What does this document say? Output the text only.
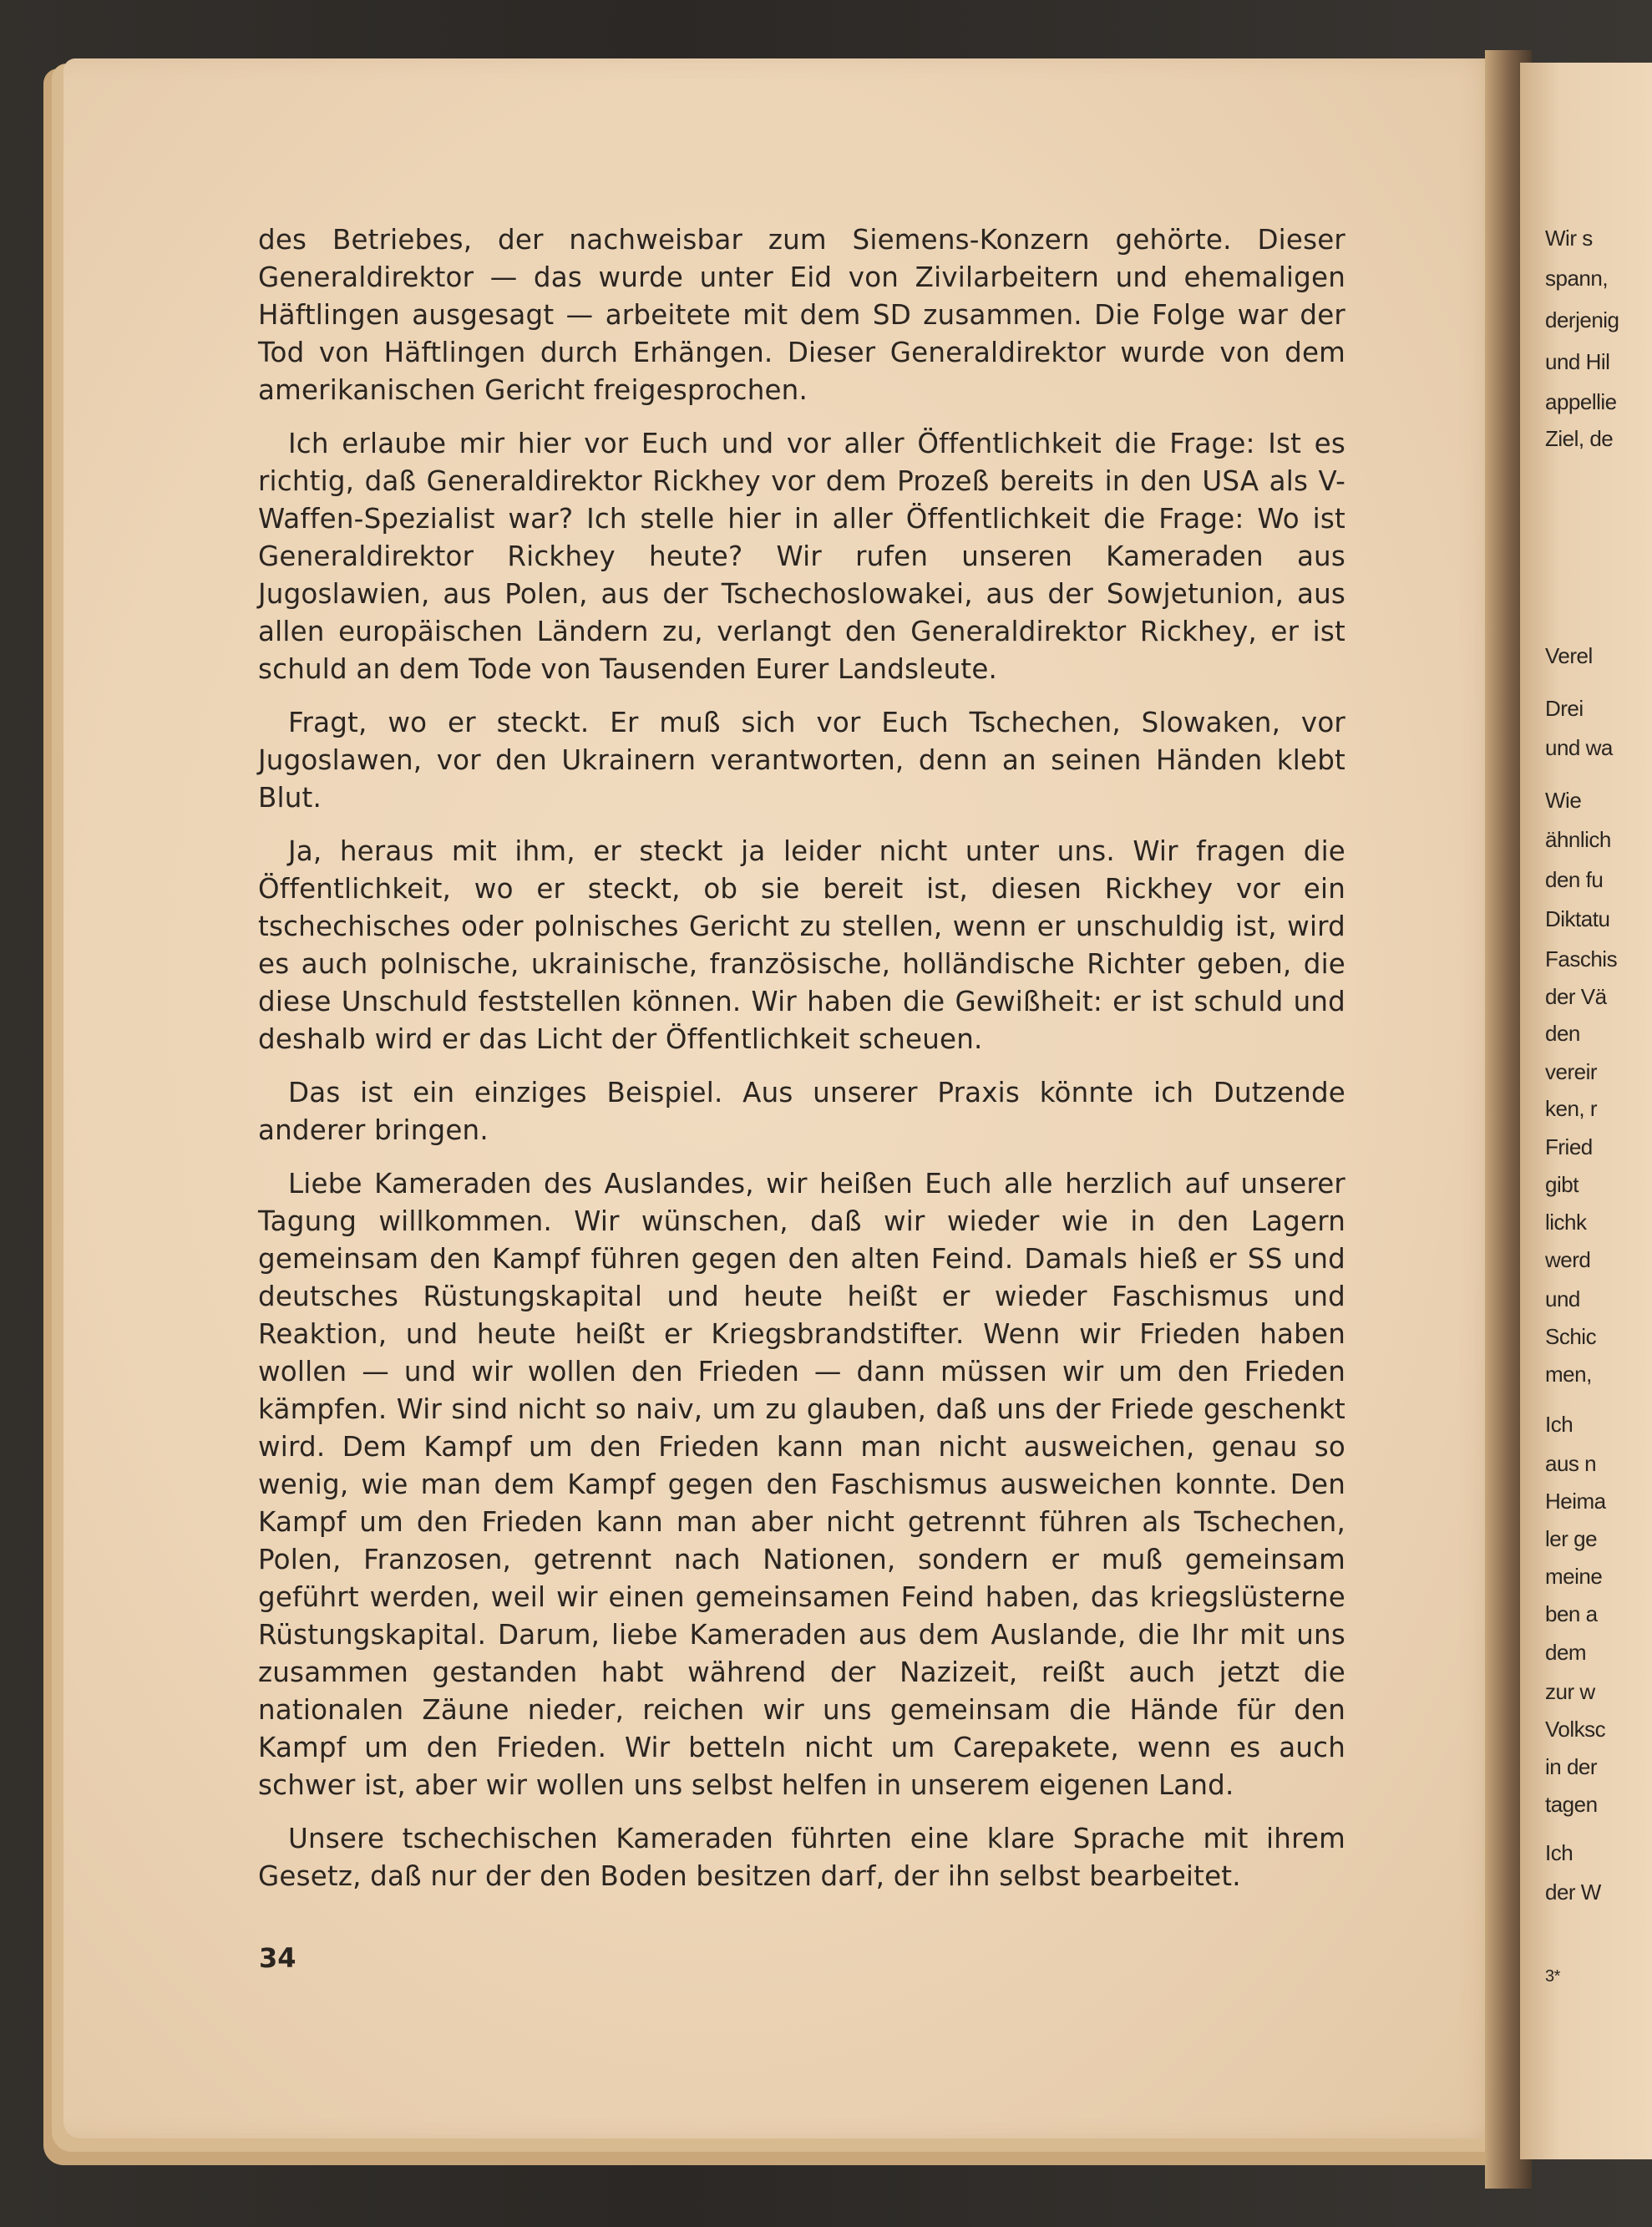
des Betriebes, der nachweisbar zum Siemens-Konzern gehörte. Dieser Generaldirektor — das wurde unter Eid von Zivilarbeitern und ehemaligen Häftlingen ausgesagt — arbeitete mit dem SD zusammen. Die Folge war der Tod von Häftlingen durch Erhängen. Dieser Generaldirektor wurde von dem amerikanischen Gericht freigesprochen.

Ich erlaube mir hier vor Euch und vor aller Öffentlichkeit die Frage: Ist es richtig, daß Generaldirektor Rickhey vor dem Prozeß bereits in den USA als V-Waffen-Spezialist war? Ich stelle hier in aller Öffentlichkeit die Frage: Wo ist Generaldirektor Rickhey heute? Wir rufen unseren Kameraden aus Jugoslawien, aus Polen, aus der Tschechoslowakei, aus der Sowjetunion, aus allen europäischen Ländern zu, verlangt den Generaldirektor Rickhey, er ist schuld an dem Tode von Tausenden Eurer Landsleute.

Fragt, wo er steckt. Er muß sich vor Euch Tschechen, Slowaken, vor Jugoslawen, vor den Ukrainern verantworten, denn an seinen Händen klebt Blut.

Ja, heraus mit ihm, er steckt ja leider nicht unter uns. Wir fragen die Öffentlichkeit, wo er steckt, ob sie bereit ist, diesen Rickhey vor ein tschechisches oder polnisches Gericht zu stellen, wenn er unschuldig ist, wird es auch polnische, ukrainische, französische, holländische Richter geben, die diese Unschuld feststellen können. Wir haben die Gewißheit: er ist schuld und deshalb wird er das Licht der Öffentlichkeit scheuen.

Das ist ein einziges Beispiel. Aus unserer Praxis könnte ich Dutzende anderer bringen.

Liebe Kameraden des Auslandes, wir heißen Euch alle herzlich auf unserer Tagung willkommen. Wir wünschen, daß wir wieder wie in den Lagern gemeinsam den Kampf führen gegen den alten Feind. Damals hieß er SS und deutsches Rüstungskapital und heute heißt er wieder Faschismus und Reaktion, und heute heißt er Kriegsbrandstifter. Wenn wir Frieden haben wollen — und wir wollen den Frieden — dann müssen wir um den Frieden kämpfen. Wir sind nicht so naiv, um zu glauben, daß uns der Friede geschenkt wird. Dem Kampf um den Frieden kann man nicht ausweichen, genau so wenig, wie man dem Kampf gegen den Faschismus ausweichen konnte. Den Kampf um den Frieden kann man aber nicht getrennt führen als Tschechen, Polen, Franzosen, getrennt nach Nationen, sondern er muß gemeinsam geführt werden, weil wir einen gemeinsamen Feind haben, das kriegslüsterne Rüstungskapital. Darum, liebe Kameraden aus dem Auslande, die Ihr mit uns zusammen gestanden habt während der Nazizeit, reißt auch jetzt die nationalen Zäune nieder, reichen wir uns gemeinsam die Hände für den Kampf um den Frieden. Wir betteln nicht um Carepakete, wenn es auch schwer ist, aber wir wollen uns selbst helfen in unserem eigenen Land.

Unsere tschechischen Kameraden führten eine klare Sprache mit ihrem Gesetz, daß nur der den Boden besitzen darf, der ihn selbst bearbeitet.

34
Wir s
spann,
derjenig
und Hil
appellie
Ziel, de
Verel
Drei
und wa
Wie
ähnlich
den fu
Diktatu
Faschis
der Vä
den
vereir
ken, r
Fried
gibt
lichk
werd
und
Schic
men,
Ich
aus n
Heima
ler ge
meine
ben a
dem
zur w
Volksc
in der
tagen
Ich
der W
3*
